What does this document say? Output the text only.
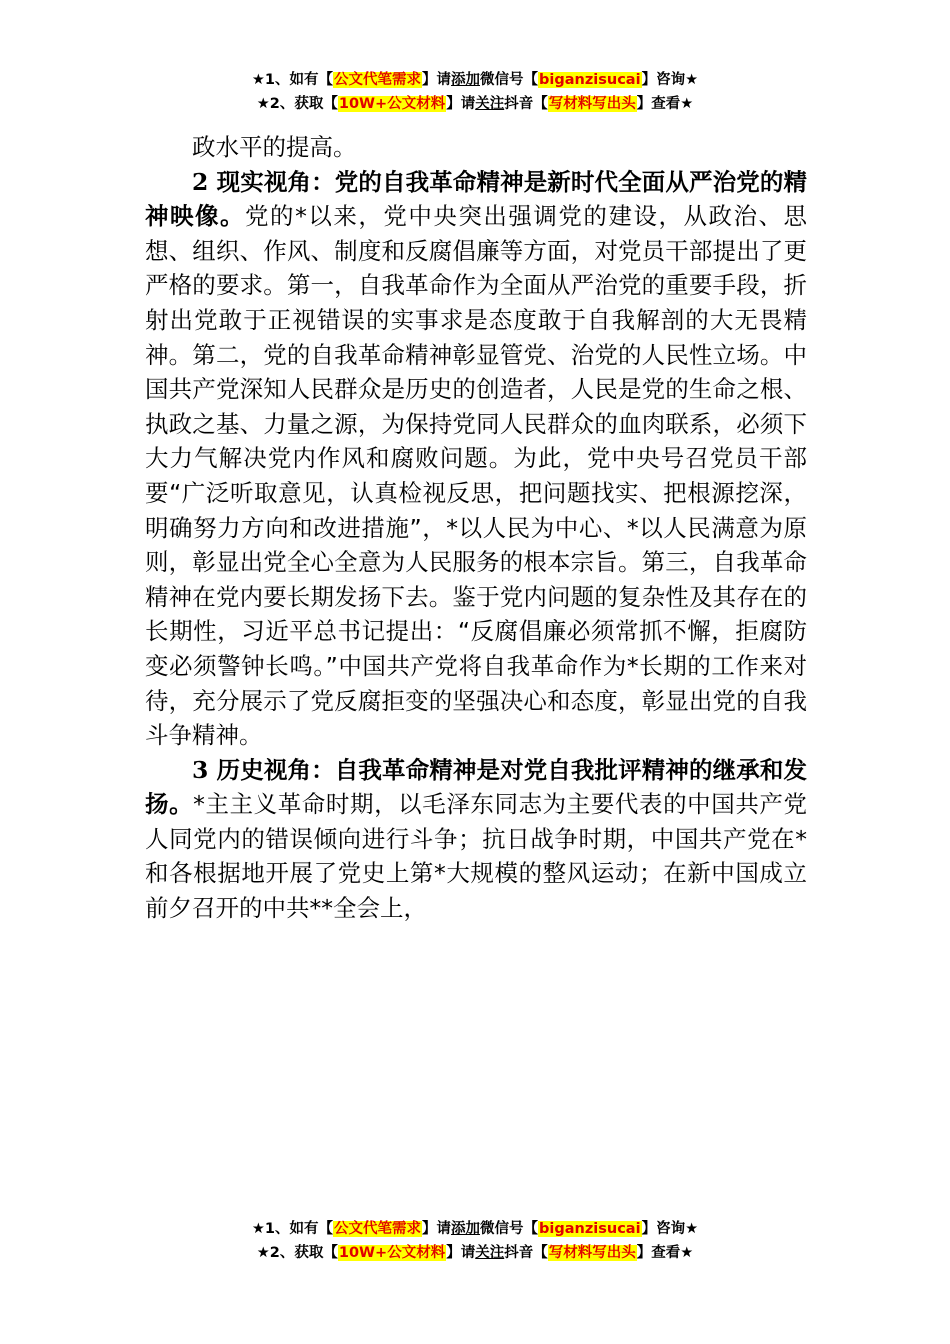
★1、如有【公文代笔需求】请添加微信号【biganzisucai】咨询★
★2、获取【10W+公文材料】请关注抖音【写材料写出头】查看★

政水平的提高。

2 现实视角：党的自我革命精神是新时代全面从严治党的精神映像。党的*以来，党中央突出强调党的建设，从政治、思想、组织、作风、制度和反腐倡廉等方面，对党员干部提出了更严格的要求。第一，自我革命作为全面从严治党的重要手段，折射出党敢于正视错误的实事求是态度敢于自我解剖的大无畏精神。第二，党的自我革命精神彰显管党、治党的人民性立场。中国共产党深知人民群众是历史的创造者，人民是党的生命之根、执政之基、力量之源，为保持党同人民群众的血肉联系，必须下大力气解决党内作风和腐败问题。为此，党中央号召党员干部要“广泛听取意见，认真检视反思，把问题找实、把根源挖深，明确努力方向和改进措施”，*以人民为中心、*以人民满意为原则，彰显出党全心全意为人民服务的根本宗旨。第三，自我革命精神在党内要长期发扬下去。鉴于党内问题的复杂性及其存在的长期性，习近平总书记提出：“反腐倡廉必须常抓不懈，拒腐防变必须警钟长鸣。”中国共产党将自我革命作为*长期的工作来对待，充分展示了党反腐拒变的坚强决心和态度，彰显出党的自我斗争精神。

3 历史视角：自我革命精神是对党自我批评精神的继承和发扬。*主主义革命时期，以毛泽东同志为主要代表的中国共产党人同党内的错误倾向进行斗争；抗日战争时期，中国共产党在*和各根据地开展了党史上第*大规模的整风运动；在新中国成立前夕召开的中共**全会上，

★1、如有【公文代笔需求】请添加微信号【biganzisucai】咨询★
★2、获取【10W+公文材料】请关注抖音【写材料写出头】查看★
